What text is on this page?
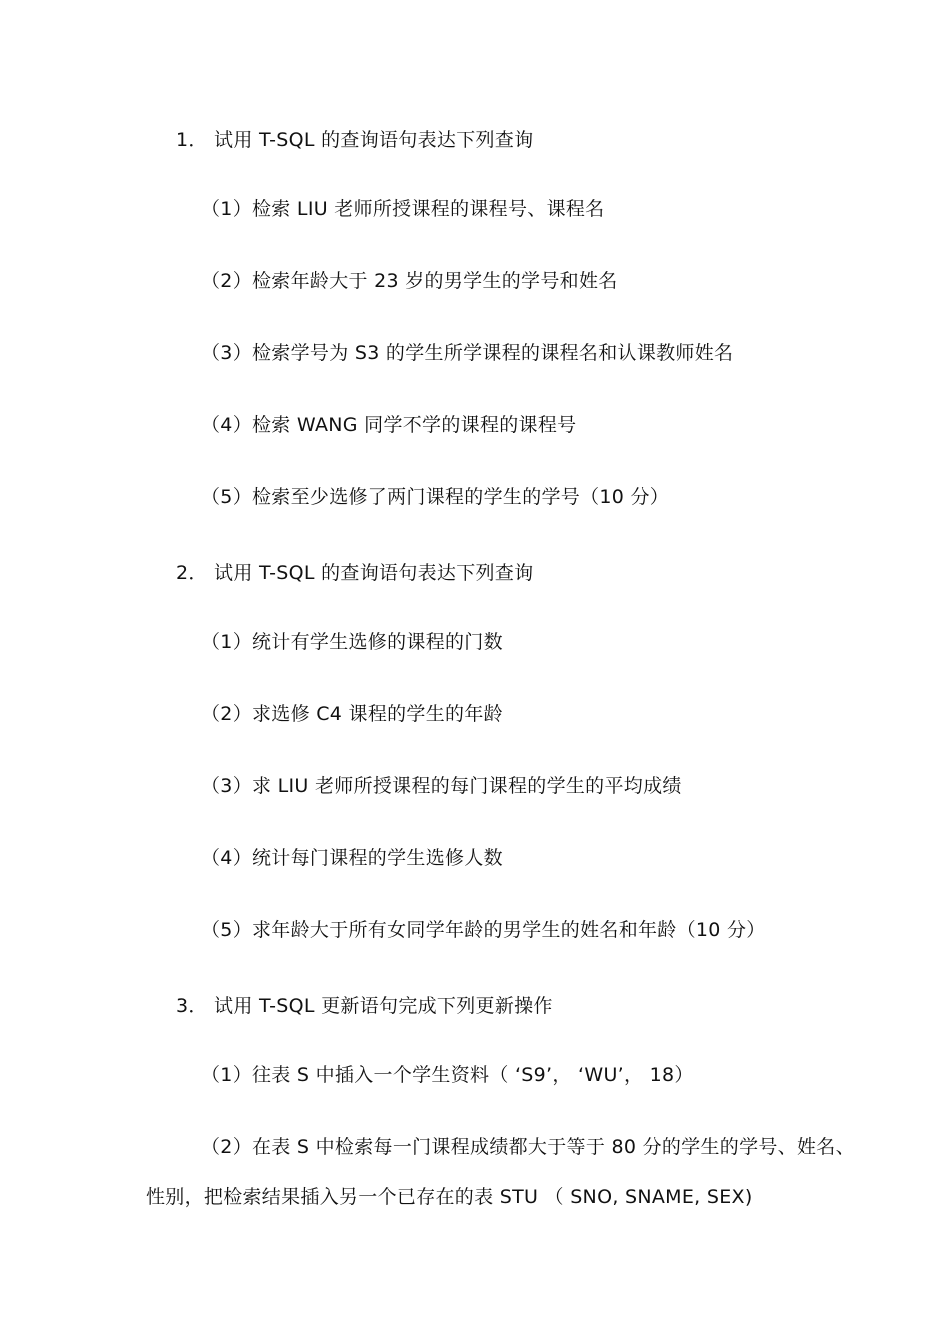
1． 试用 T-SQL 的查询语句表达下列查询
（1）检索 LIU 老师所授课程的课程号、课程名
（2）检索年龄大于 23 岁的男学生的学号和姓名
（3）检索学号为 S3 的学生所学课程的课程名和认课教师姓名
（4）检索 WANG 同学不学的课程的课程号
（5）检索至少选修了两门课程的学生的学号（10 分）
2． 试用 T-SQL 的查询语句表达下列查询
（1）统计有学生选修的课程的门数
（2）求选修 C4 课程的学生的年龄
（3）求 LIU 老师所授课程的每门课程的学生的平均成绩
（4）统计每门课程的学生选修人数
（5）求年龄大于所有女同学年龄的男学生的姓名和年龄（10 分）
3． 试用 T-SQL 更新语句完成下列更新操作
（1）往表 S 中插入一个学生资料（ ‘S9’， ‘WU’， 18）
（2）在表 S 中检索每一门课程成绩都大于等于 80 分的学生的学号、姓名、
性别，把检索结果插入另一个已存在的表 STU （ SNO, SNAME, SEX)
